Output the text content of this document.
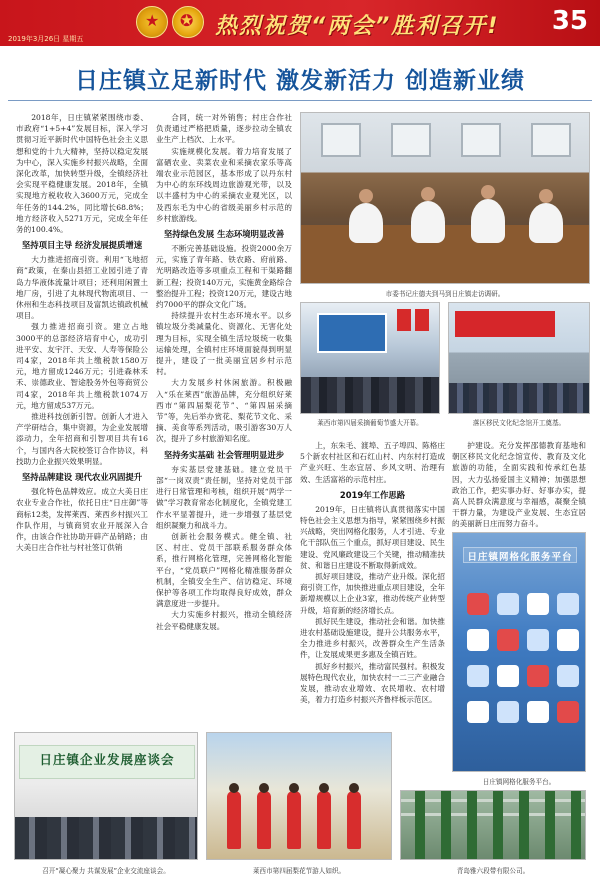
★
✪
热烈祝贺“两会”胜利召开! 35
2019年3月26日 星期五
日庄镇立足新时代 激发新活力 创造新业绩

2018年，日庄镇紧紧围绕市委、市政府“1+5+4”发展目标，深入学习贯彻习近平新时代中国特色社会主义思想和党的十九大精神，坚持以稳定发展为中心，深入实施乡村振兴战略，全面深化改革，加快转型升级，全镇经济社会实现平稳健康发展。2018年，全镇实现地方税收收入3600万元，完成全年任务的144.2%，同比增长68.8%；地方经济收入5271万元，完成全年任务的100.4%。

坚持项目主导 经济发展提质增速

大力推进招商引资。利用“飞地招商”政策，在秦山县招工业园引进了青岛力华液体流量计项目；还利用闲置土地厂房，引进了丸林现代物流项目、一休州和生态科技项目及富凯达镇政机械项目。

强力推进招商引资。建立占地3000平的总部经济培育中心，成功引进平安、友宇汗、天安、人寿等保险公司4家，2018年共上缴税款1580万元，地方留成1246万元；引进森林禾禾、崇德政业、智途股务外包等商贸公司4家，2018年共上缴税款1074万元，地方留成537万元。

推进科技创新引智。创新人才进入产学研结合，集中资源，为企业发展增添动力，全年招商和引智项目共有16个，与国内各大院校签订合作协议，科技助力企业振兴效果明显。

坚持品牌建设 现代农业巩固提升

强化特色品牌效应。成立大美日庄农业专业合作社，依托日庄“日庄御”等商标12类，发挥莱西、莱西乡村振兴工作队作用，与镇商贸农业开展深入合作，由该合作社协助开辟产品销路；由大美日庄合作社与村社签订供销

合同，统一对外销售；村庄合作社负责通过严格把质量，逐步拉动全镇农业生产上档次、上水平。

实施规模化发展。着力培育发展了富硒农业、卖菜农业和采摘农家乐等高端农业示范园区，基本形成了以丹东村为中心的东环线周边旅游观光带，以及以丰盛村为中心的采摘农业观光区，以及西东毛为中心的省级美丽乡村示范的乡村旅游线。

坚持绿色发展 生态环境明显改善

不断完善基础设施。投资2000余万元，实施了青年路、铁农路、府前路、光明路改造等多项重点工程和干渠路翻新工程；投资140万元，实施黄金路综合整治提升工程；投资120万元，建设古地约7000平的群众文化广场。

持续提升农村生态环境水平。以乡镇垃圾分类减量化、资源化、无害化处理为目标，实现全镇生活垃圾统一收集运输处理，全镇村庄环境面貌得到明显提升，建设了一批美丽宜居乡村示范村。

大力发展乡村休闲旅游。积极融入“乐在莱西”旅游品牌，充分组织好莱西市“第四届梨花节”、“第四届采摘节”等，先后举办赏花、梨花节文化、采摘、美食等系列活动，吸引游客30万人次，提升了乡村旅游知名度。

坚持务实基础 社会管理明显进步

夯实基层党建基础。建立党员干部“一岗双责”责任制，坚持对党员干部进行日常管理和考核，组织开展“两学一做”学习教育常态化制度化，全镇党建工作水平显著提升，进一步增强了基层党组织凝聚力和战斗力。

创新社会服务模式。健全镇、社区、村庄、党员干部联系服务群众体系，推行网格化管理，完善网格化智能平台，“党员联户”网格化精准服务群众机制，全镇安全生产、信访稳定、环境保护等各项工作均取得良好成效，群众满意度进一步提升。

大力实施乡村振兴，推动全镇经济社会平稳健康发展。

上，东朱毛、渡埠、五子埠四、陈格庄5个新农村社区和石红山村、内东村打造成产业兴旺、生态宜居、乡风文明、治理有效、生活富裕的示范村庄。

2019年工作思路

2019年，日庄镇将认真贯彻落实中国特色社会主义思想为指导，紧紧围绕乡村振兴战略，突出网格化服务，人才引进、专业化干部队伍三个重点，抓好项目建设、民生建设、党风廉政建设三个关键，推动精准扶贫、和谐日庄建设不断取得新成效。

抓好项目建设，推动产业升级。深化招商引资工作，加快推进重点项目建设，全年新增规模以上企业3家，推动传统产业转型升级，培育新的经济增长点。

抓好民生建设，推动社会和谐。加快推进农村基础设施建设，提升公共服务水平，全力推进乡村振兴，改善群众生产生活条件，让发展成果更多惠及全镇百姓。

抓好乡村振兴，推动富民强村。积极发展特色现代农业，加快农村一二三产业融合发展，推动农业增效、农民增收、农村增美，着力打造乡村振兴齐鲁样板示范区。

护建设。充分发挥邵德教育基地和朝区移民文化纪念馆宣传、教育及文化旅游的功能，全面实践和传承红色基因，大力弘扬爱国主义精神；加强思想政治工作，把实事办好、好事办实，提高人民群众满意度与幸福感，凝聚全镇干群力量，为建设产业发展、生态宜居的美丽新日庄而努力奋斗。

市委书记庄德夫到马到日庄镇走访调研。
莱西市第四届采摘葡萄节盛大开幕。	落区移民文化纪念馆开工奠基。
日庄镇网格化服务平台
日庄镇网格化服务平台。
日庄镇企业发展座谈会
召开“凝心聚力 共谋发展”企业交流座谈会。	莱西市第四届梨花节游人如织。	青岛雅六段带有限公司。
